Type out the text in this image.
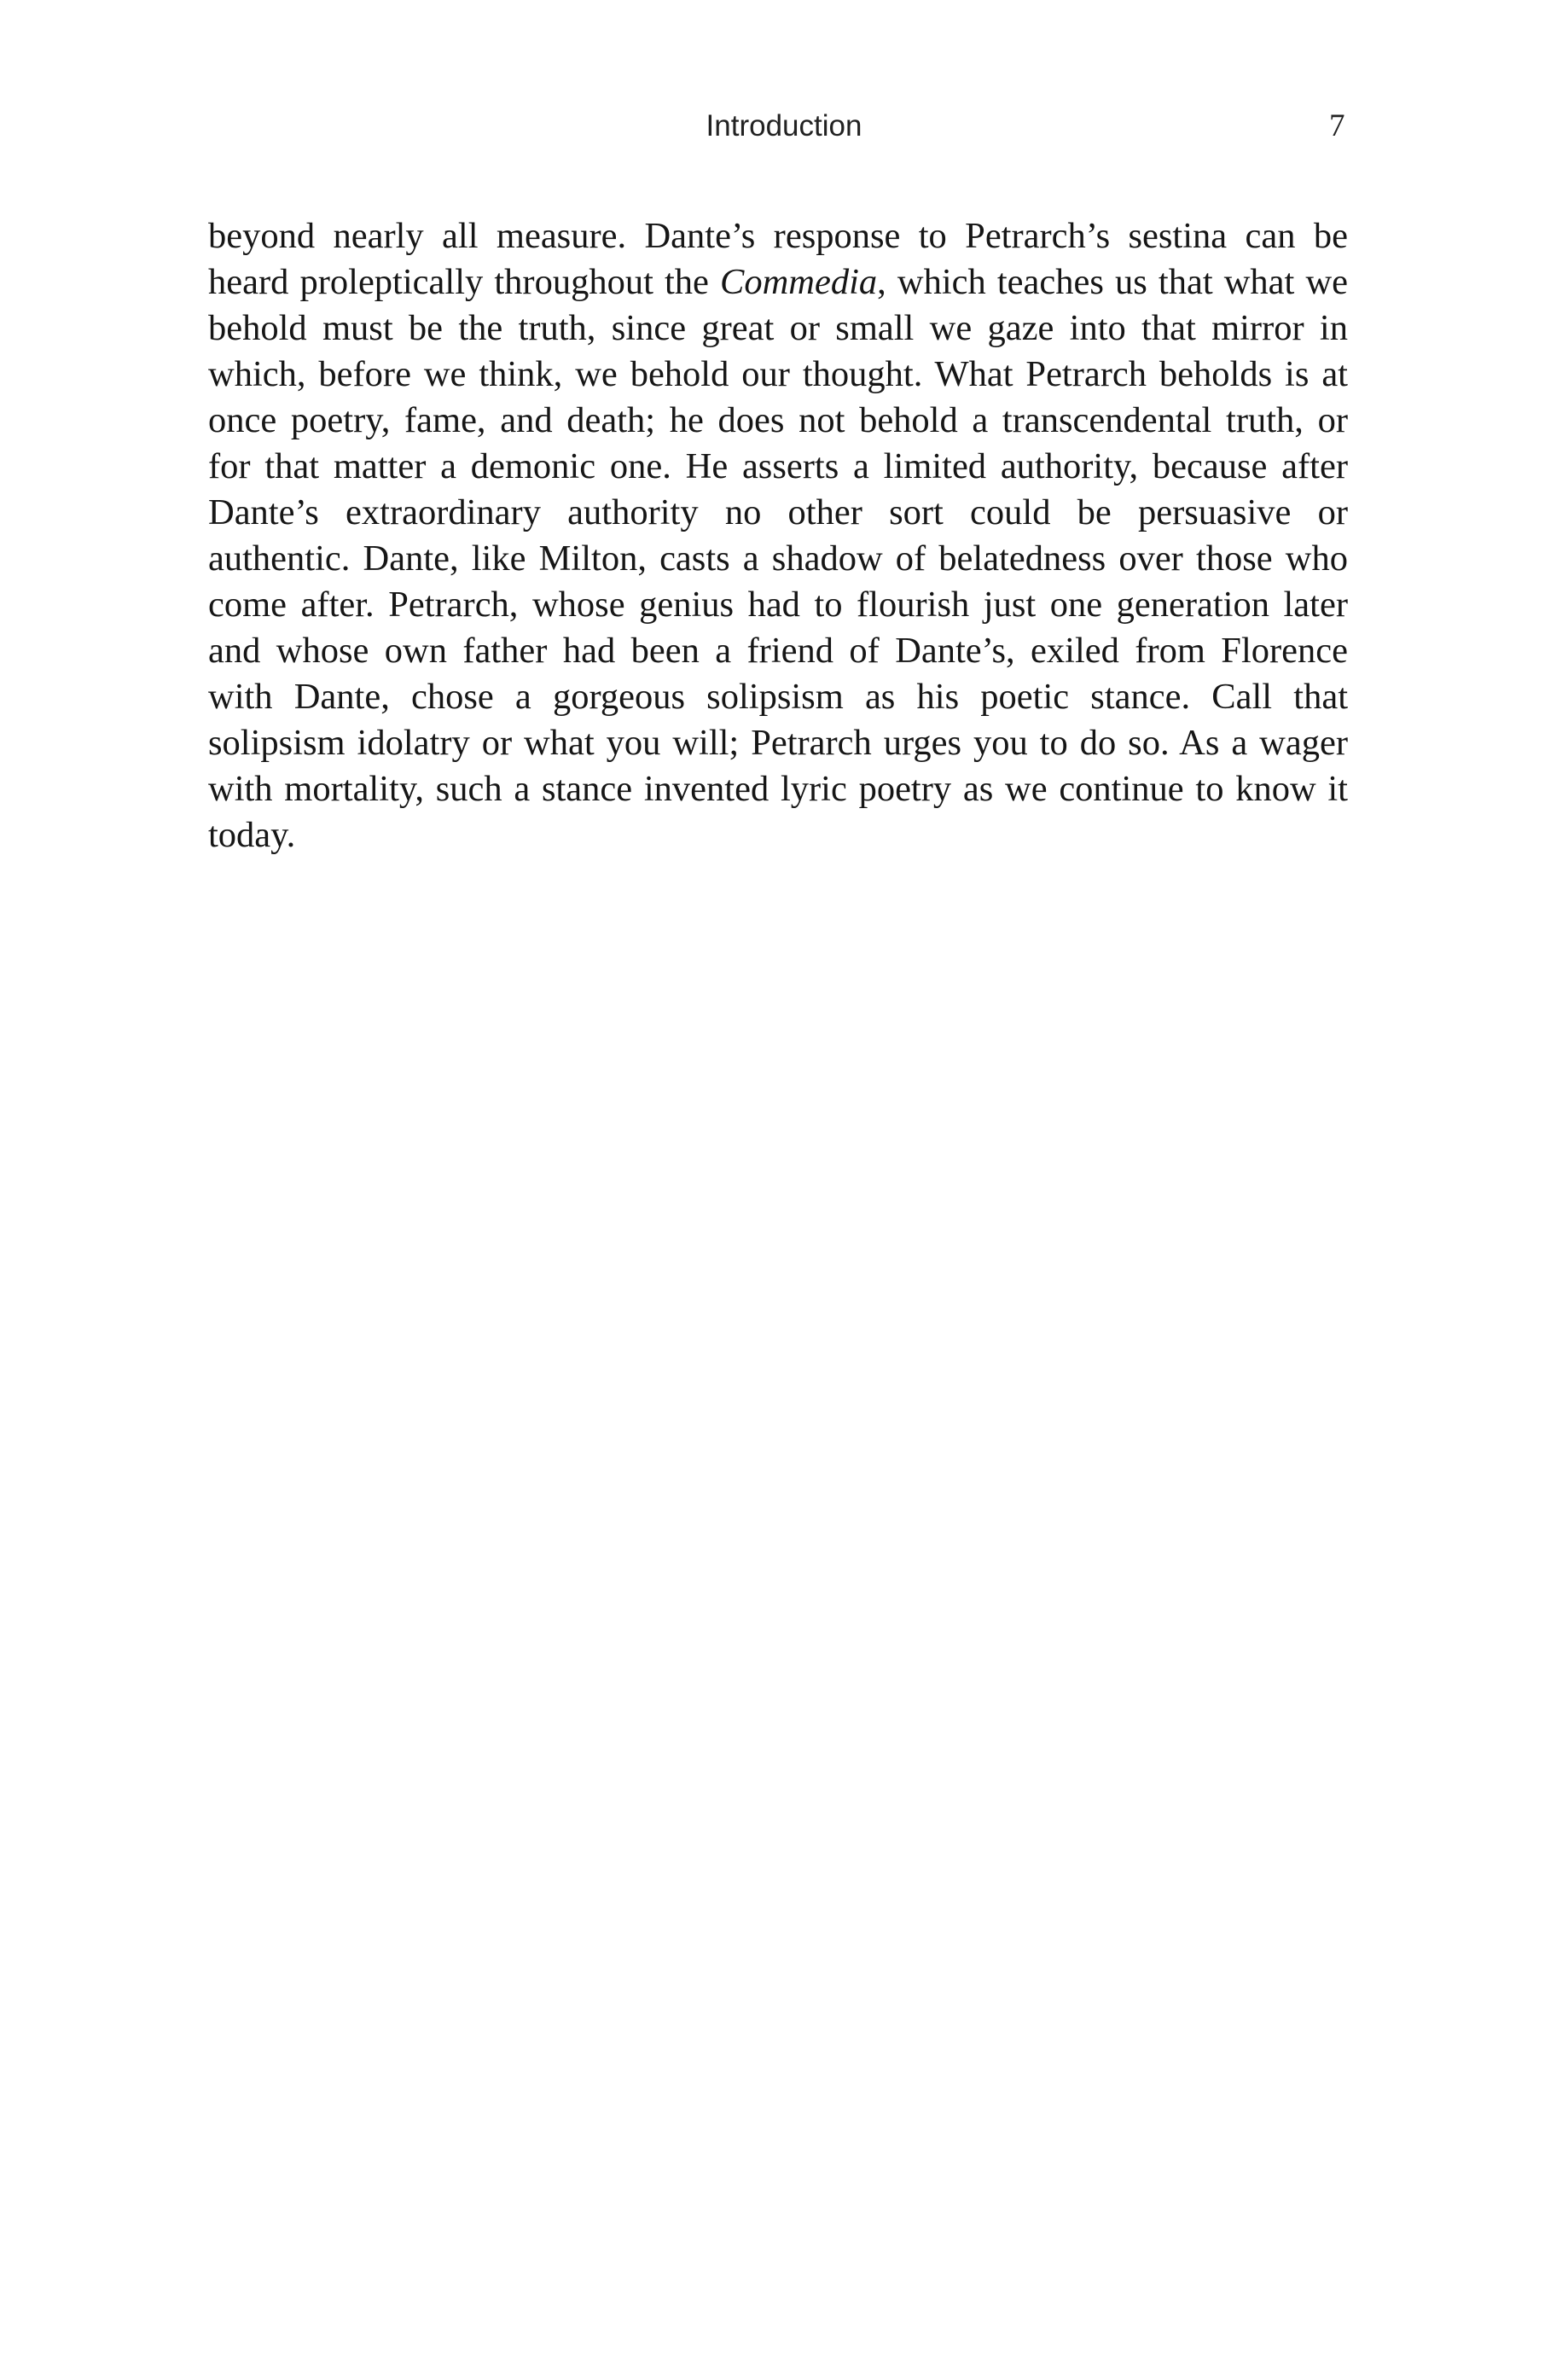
Introduction	7
beyond nearly all measure. Dante’s response to Petrarch’s sestina can be
heard proleptically throughout the Commedia, which teaches us that what we
behold must be the truth, since great or small we gaze into that mirror in
which, before we think, we behold our thought. What Petrarch beholds is at
once poetry, fame, and death; he does not behold a transcendental truth, or
for that matter a demonic one. He asserts a limited authority, because after
Dante’s extraordinary authority no other sort could be persuasive or
authentic. Dante, like Milton, casts a shadow of belatedness over those who
come after. Petrarch, whose genius had to flourish just one generation later
and whose own father had been a friend of Dante’s, exiled from Florence
with Dante, chose a gorgeous solipsism as his poetic stance. Call that
solipsism idolatry or what you will; Petrarch urges you to do so. As a wager
with mortality, such a stance invented lyric poetry as we continue to know it
today.
